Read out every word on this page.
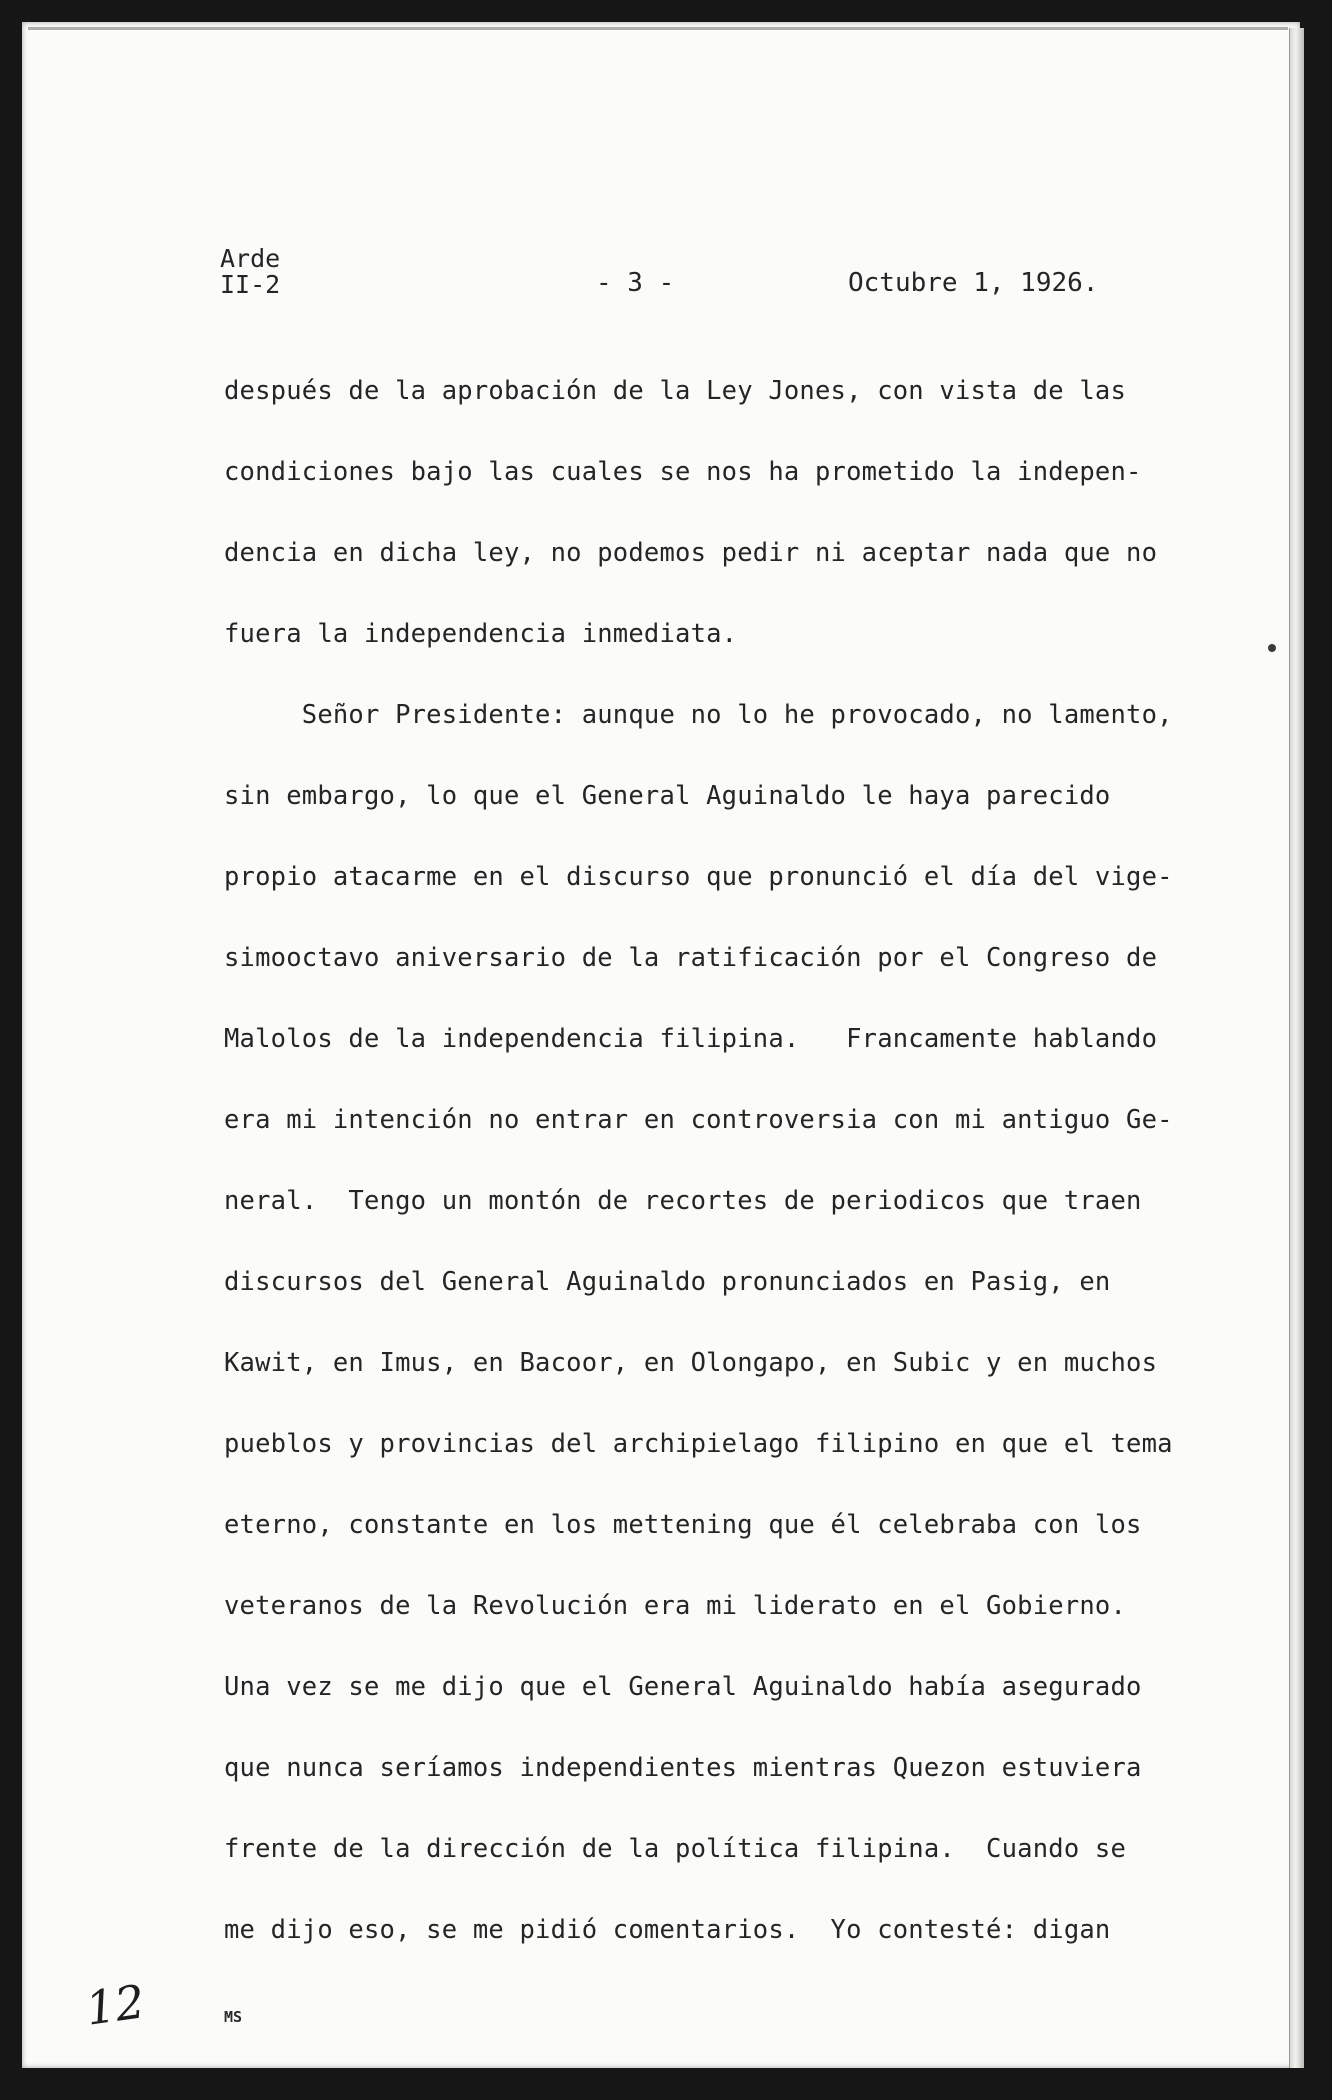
Arde
II-2	- 3 -	Octubre 1, 1926.
después de la aprobación de la Ley Jones, con vista de las
condiciones bajo las cuales se nos ha prometido la indepen-
dencia en dicha ley, no podemos pedir ni aceptar nada que no
fuera la independencia inmediata.
Señor Presidente: aunque no lo he provocado, no lamento,
sin embargo, lo que el General Aguinaldo le haya parecido
propio atacarme en el discurso que pronunció el día del vige-
simooctavo aniversario de la ratificación por el Congreso de
Malolos de la independencia filipina.   Francamente hablando
era mi intención no entrar en controversia con mi antiguo Ge-
neral.  Tengo un montón de recortes de periodicos que traen
discursos del General Aguinaldo pronunciados en Pasig, en
Kawit, en Imus, en Bacoor, en Olongapo, en Subic y en muchos
pueblos y provincias del archipielago filipino en que el tema
eterno, constante en los mettening que él celebraba con los
veteranos de la Revolución era mi liderato en el Gobierno.
Una vez se me dijo que el General Aguinaldo había asegurado
que nunca seríamos independientes mientras Quezon estuviera
frente de la dirección de la política filipina.  Cuando se
me dijo eso, se me pidió comentarios.  Yo contesté: digan
12	MS
